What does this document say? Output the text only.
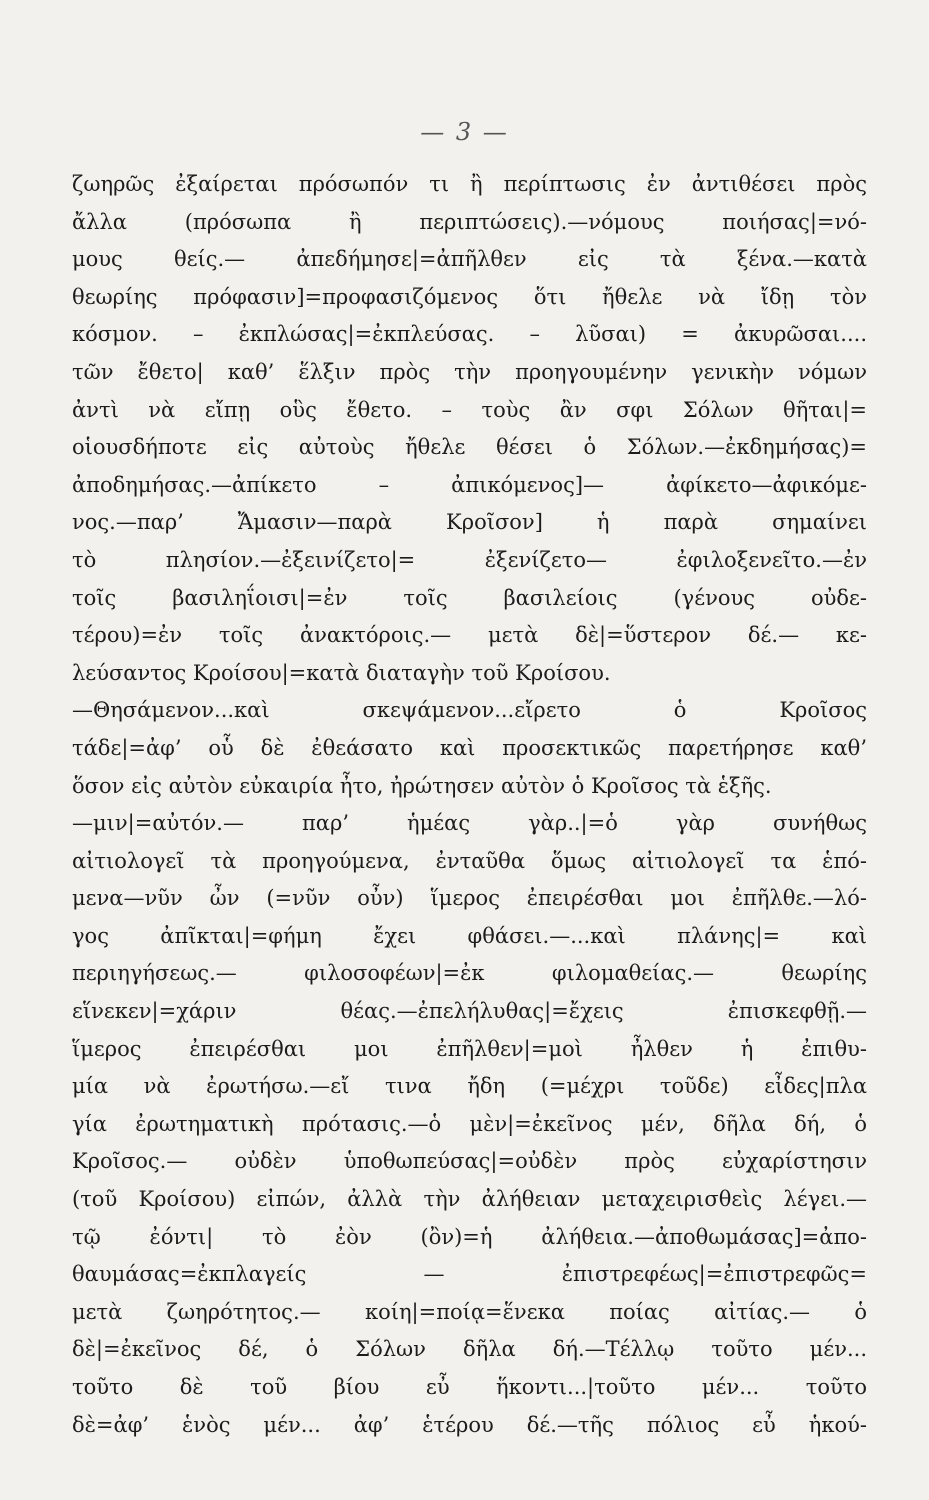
— 3 —
ζωηρῶς ἐξαίρεται πρόσωπόν τι ἢ περίπτωσις ἐν ἀντιθέσει πρὸς
ἄλλα (πρόσωπα ἢ περιπτώσεις).—νόμους ποιήσας|=νό-
μους θείς.— ἀπεδήμησε|=ἀπῆλθεν εἰς τὰ ξένα.—κατὰ
θεωρίης πρόφασιν]=προφασιζόμενος ὅτι ἤθελε νὰ ἴδῃ τὸν
κόσμον. – ἐκπλώσας|=ἐκπλεύσας. – λῦσαι) = ἀκυρῶσαι....
τῶν ἔθετο| καθ’ ἕλξιν πρὸς τὴν προηγουμένην γενικὴν νόμων
ἀντὶ νὰ εἴπῃ οὓς ἔθετο. – τοὺς ἂν σφι Σόλων θῆται|=
οἱουσδήποτε εἰς αὐτοὺς ἤθελε θέσει ὁ Σόλων.—ἐκδημήσας)=
ἀποδημήσας.—ἀπίκετο – ἀπικόμενος]— ἀφίκετο—ἀφικόμε-
νος.—παρ’ Ἄμασιν—παρὰ Κροῖσον] ἡ παρὰ σημαίνει
τὸ πλησίον.—ἐξεινίζετο|= ἐξενίζετο— ἐφιλοξενεῖτο.—ἐν
τοῖς βασιληΐοισι|=ἐν τοῖς βασιλείοις (γένους οὐδε-
τέρου)=ἐν τοῖς ἀνακτόροις.— μετὰ δὲ|=ὕστερον δέ.— κε-
λεύσαντος Κροίσου|=κατὰ διαταγὴν τοῦ Κροίσου.
—Θησάμενον...καὶ σκεψάμενον...εἴρετο ὁ Κροῖσος
τάδε|=ἀφ’ οὗ δὲ ἐθεάσατο καὶ προσεκτικῶς παρετήρησε καθ’
ὅσον εἰς αὐτὸν εὐκαιρία ἦτο, ἠρώτησεν αὐτὸν ὁ Κροῖσος τὰ ἑξῆς.
—μιν|=αὐτόν.— παρ’ ἡμέας γὰρ..|=ὁ γὰρ συνήθως
αἰτιολογεῖ τὰ προηγούμενα, ἐνταῦθα ὅμως αἰτιολογεῖ τα ἑπό-
μενα—νῦν ὦν (=νῦν οὖν) ἵμερος ἐπειρέσθαι μοι ἐπῆλθε.—λό-
γος ἀπῖκται|=φήμη ἔχει φθάσει.—...καὶ πλάνης|= καὶ
περιηγήσεως.— φιλοσοφέων|=ἐκ φιλομαθείας.— θεωρίης
εἵνεκεν|=χάριν θέας.—ἐπελήλυθας|=ἔχεις ἐπισκεφθῇ.—
ἵμερος ἐπειρέσθαι μοι ἐπῆλθεν|=μοὶ ἦλθεν ἡ ἐπιθυ-
μία νὰ ἐρωτήσω.—εἴ τινα ἤδη (=μέχρι τοῦδε) εἶδες|πλα
γία ἐρωτηματικὴ πρότασις.—ὁ μὲν|=ἐκεῖνος μέν, δῆλα δή, ὁ
Κροῖσος.— οὐδὲν ὑποθωπεύσας|=οὐδὲν πρὸς εὐχαρίστησιν
(τοῦ Κροίσου) εἰπών, ἀλλὰ τὴν ἀλήθειαν μεταχειρισθεὶς λέγει.—
τῷ ἐόντι| τὸ ἐὸν (ὂν)=ἡ ἀλήθεια.—ἀποθωμάσας]=ἀπο-
θαυμάσας=ἐκπλαγείς — ἐπιστρεφέως|=ἐπιστρεφῶς=
μετὰ ζωηρότητος.— κοίη|=ποίᾳ=ἕνεκα ποίας αἰτίας.— ὁ
δὲ|=ἐκεῖνος δέ, ὁ Σόλων δῆλα δή.—Τέλλῳ τοῦτο μέν...
τοῦτο δὲ τοῦ βίου εὖ ἥκοντι...|τοῦτο μέν... τοῦτο
δὲ=ἀφ’ ἑνὸς μέν... ἀφ’ ἑτέρου δέ.—τῆς πόλιος εὖ ἡκού-
